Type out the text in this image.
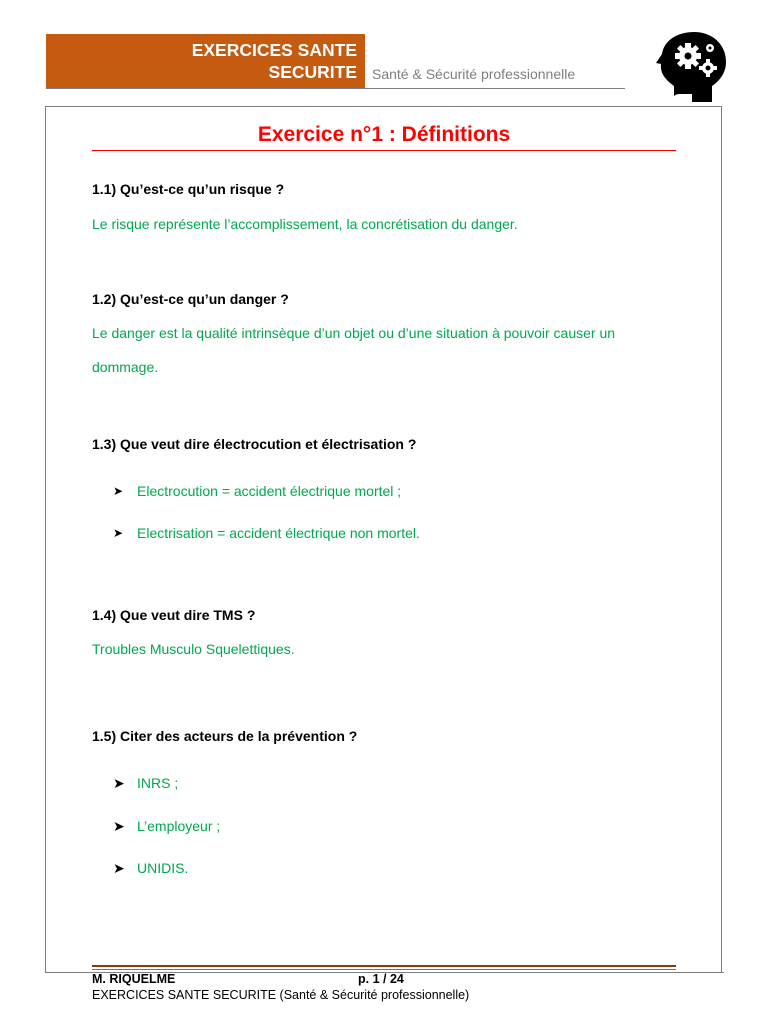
EXERCICES SANTE
SECURITE Santé & Sécurité professionnelle
Exercice n°1 : Définitions
1.1) Qu’est-ce qu’un risque ?
Le risque représente l’accomplissement, la concrétisation du danger.
1.2) Qu’est-ce qu’un danger ?
Le danger est la qualité intrinsèque d’un objet ou d’une situation à pouvoir causer un dommage.
1.3) Que veut dire électrocution et électrisation ?
➤ Electrocution = accident électrique mortel ;
➤ Electrisation = accident électrique non mortel.
1.4) Que veut dire TMS ?
Troubles Musculo Squelettiques.
1.5) Citer des acteurs de la prévention ?
➤ INRS ;
➤ L’employeur ;
➤ UNIDIS.
M. RIQUELME	p. 1 / 24
EXERCICES SANTE SECURITE (Santé & Sécurité professionnelle)
